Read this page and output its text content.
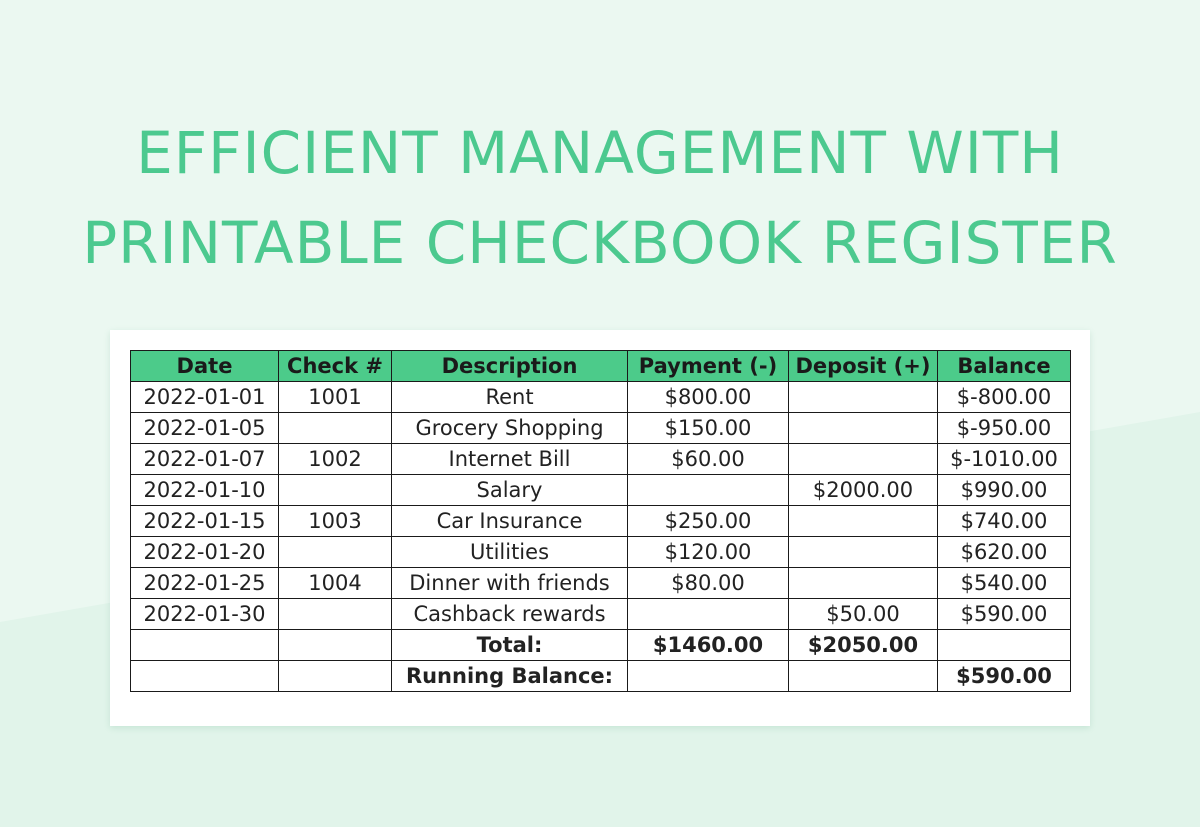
EFFICIENT MANAGEMENT WITH
PRINTABLE CHECKBOOK REGISTER
Date	Check #	Description	Payment (-)	Deposit (+)	Balance
2022-01-01	1001	Rent	$800.00		$-800.00
2022-01-05		Grocery Shopping	$150.00		$-950.00
2022-01-07	1002	Internet Bill	$60.00		$-1010.00
2022-01-10		Salary		$2000.00	$990.00
2022-01-15	1003	Car Insurance	$250.00		$740.00
2022-01-20		Utilities	$120.00		$620.00
2022-01-25	1004	Dinner with friends	$80.00		$540.00
2022-01-30		Cashback rewards		$50.00	$590.00
		Total:	$1460.00	$2050.00	
		Running Balance:			$590.00
